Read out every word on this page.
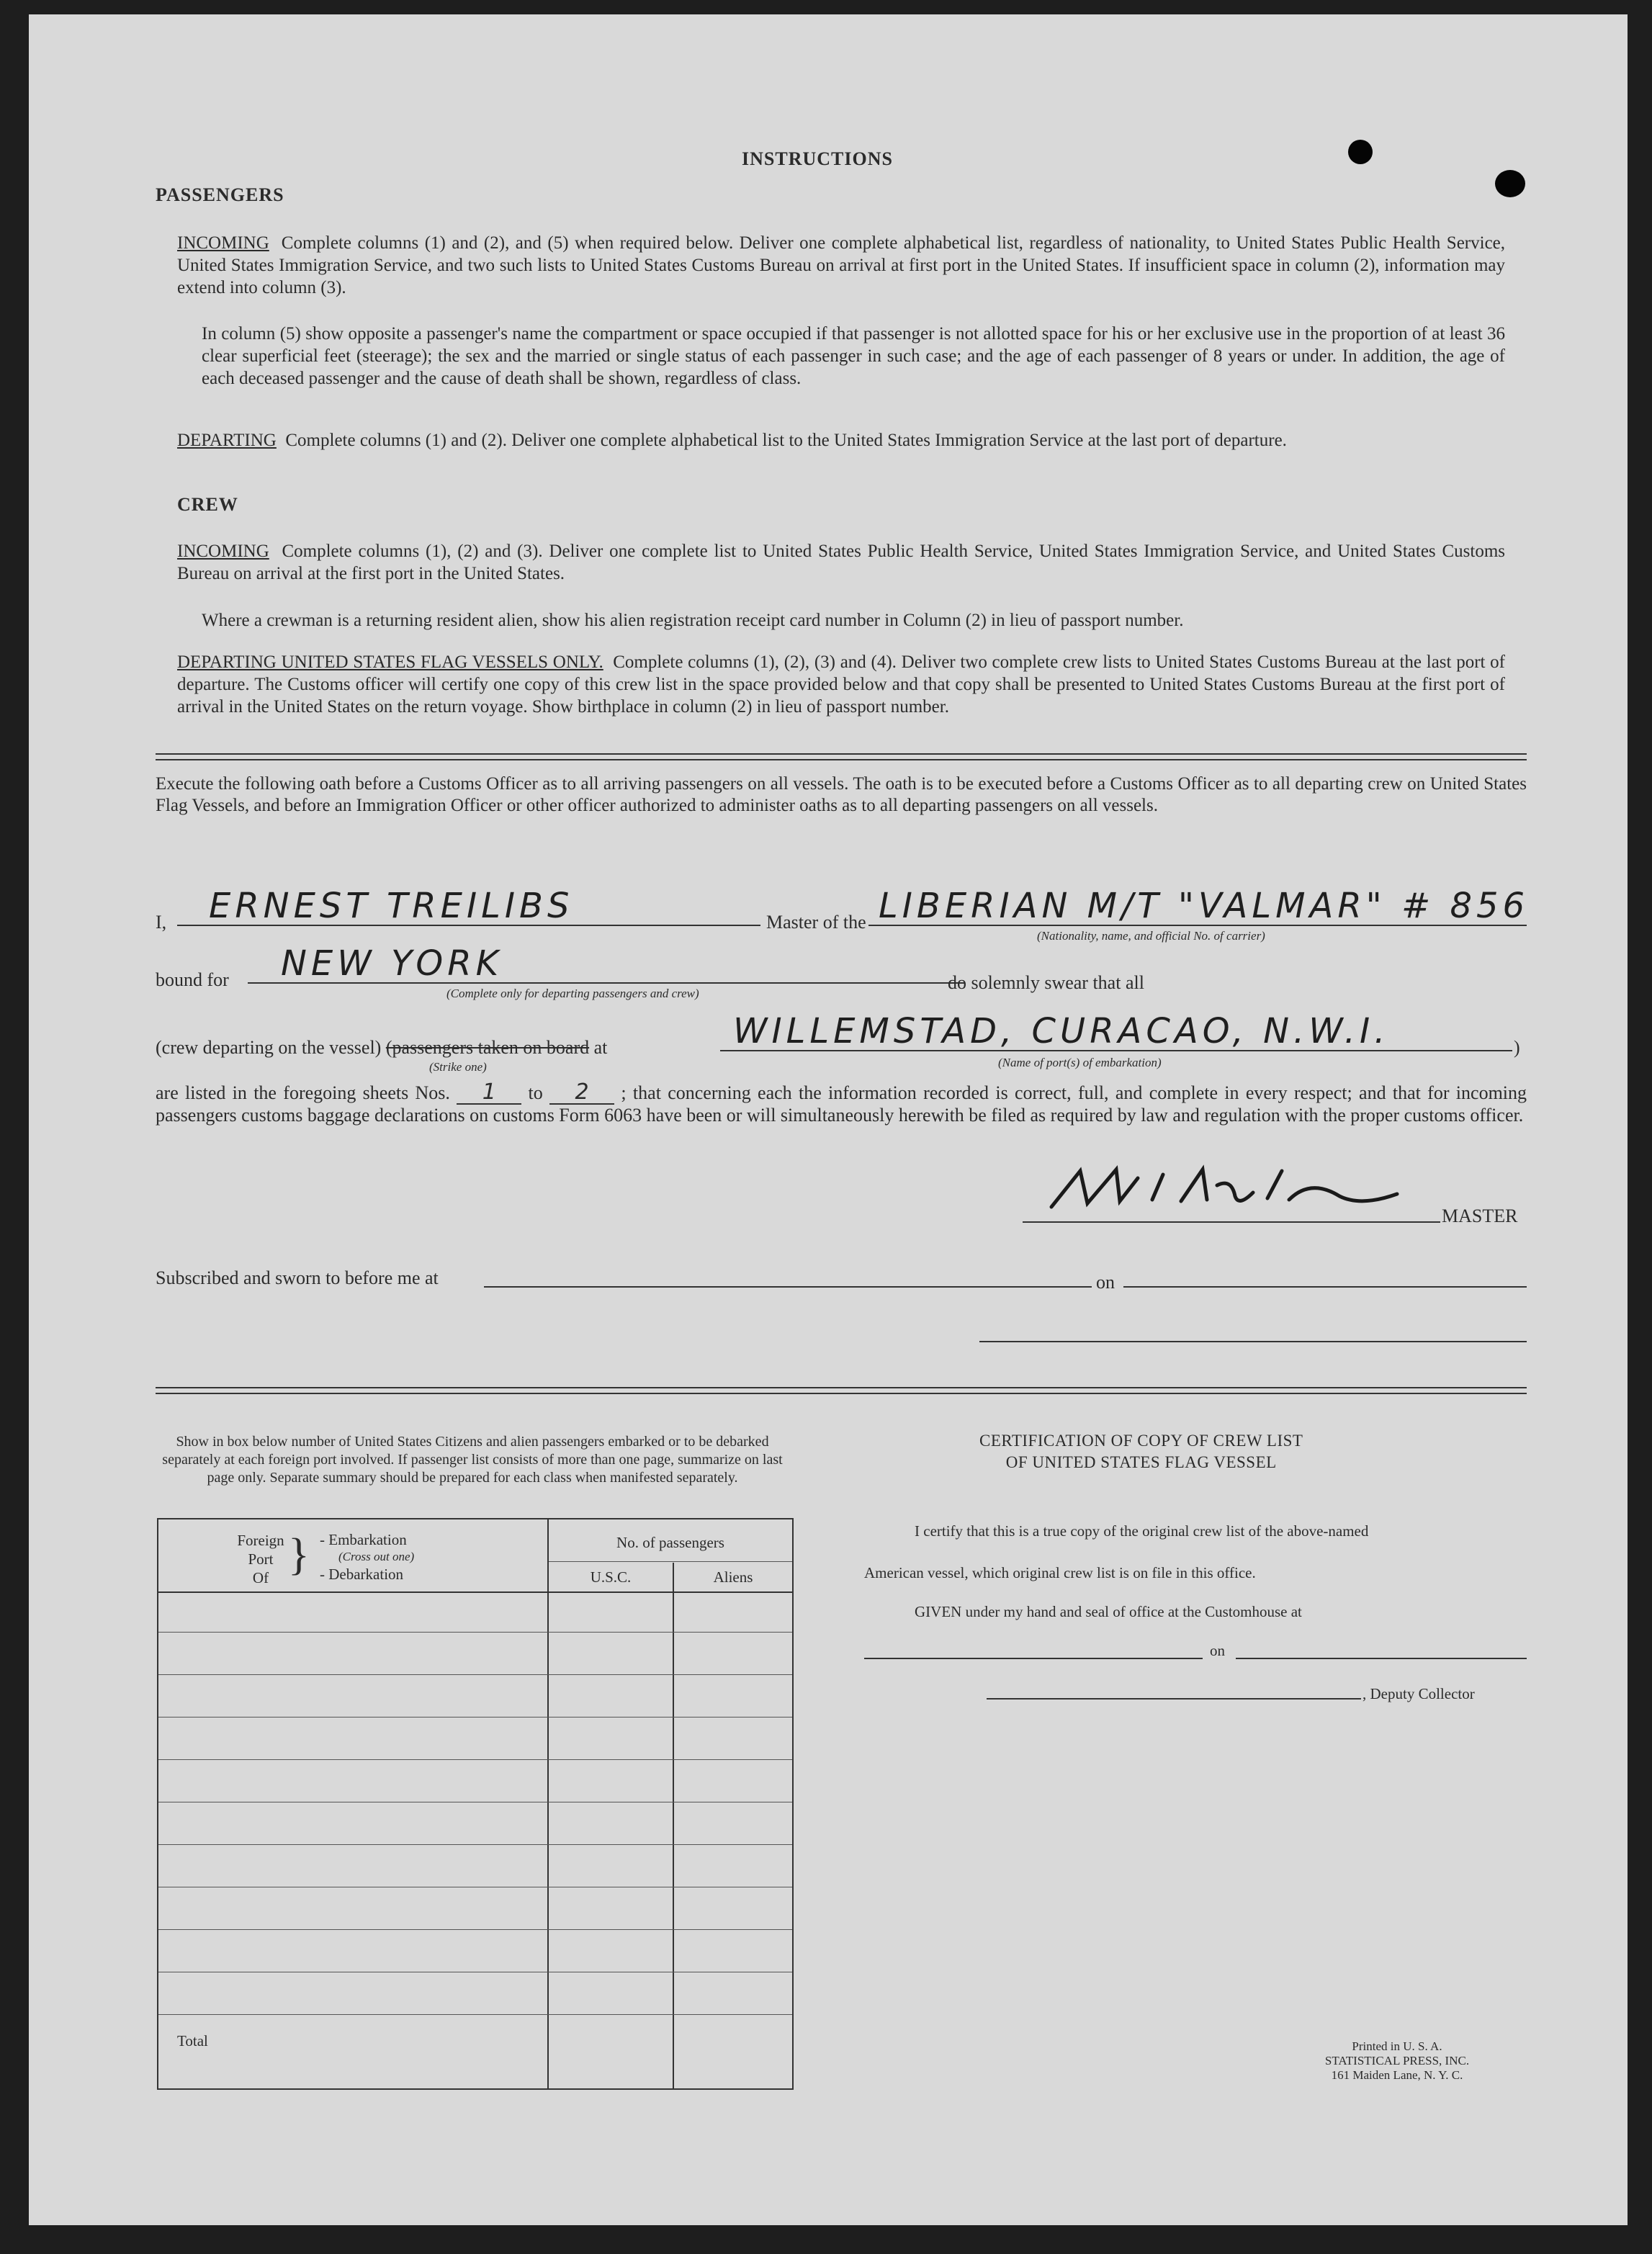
INSTRUCTIONS
PASSENGERS
INCOMING Complete columns (1) and (2), and (5) when required below. Deliver one complete alphabetical list, regardless of nationality, to United States Public Health Service, United States Immigration Service, and two such lists to United States Customs Bureau on arrival at first port in the United States. If insufficient space in column (2), information may extend into column (3).
In column (5) show opposite a passenger's name the compartment or space occupied if that passenger is not allotted space for his or her exclusive use in the proportion of at least 36 clear superficial feet (steerage); the sex and the married or single status of each passenger in such case; and the age of each passenger of 8 years or under. In addition, the age of each deceased passenger and the cause of death shall be shown, regardless of class.
DEPARTING Complete columns (1) and (2). Deliver one complete alphabetical list to the United States Immigration Service at the last port of departure.
CREW
INCOMING Complete columns (1), (2) and (3). Deliver one complete list to United States Public Health Service, United States Immigration Service, and United States Customs Bureau on arrival at the first port in the United States.
Where a crewman is a returning resident alien, show his alien registration receipt card number in Column (2) in lieu of passport number.
DEPARTING UNITED STATES FLAG VESSELS ONLY. Complete columns (1), (2), (3) and (4). Deliver two complete crew lists to United States Customs Bureau at the last port of departure. The Customs officer will certify one copy of this crew list in the space provided below and that copy shall be presented to United States Customs Bureau at the first port of arrival in the United States on the return voyage. Show birthplace in column (2) in lieu of passport number.
Execute the following oath before a Customs Officer as to all arriving passengers on all vessels. The oath is to be executed before a Customs Officer as to all departing crew on United States Flag Vessels, and before an Immigration Officer or other officer authorized to administer oaths as to all departing passengers on all vessels.
I, ERNEST TREILIBS	Master of the LIBERIAN M/T "VALMAR" # 856
(Nationality, name, and official No. of carrier)
bound for NEW YORK
(Complete only for departing passengers and crew)
do solemnly swear that all
(crew departing on the vessel) (passengers taken on board at
(Strike one)
WILLEMSTAD, CURACAO, N.W.I.
(Name of port(s) of embarkation)
)
are listed in the foregoing sheets Nos. 1 to 2 ; that concerning each the information recorded is correct, full, and complete in every respect; and that for incoming passengers customs baggage declarations on customs Form 6063 have been or will simultaneously herewith be filed as required by law and regulation with the proper customs officer.
MASTER
Subscribed and sworn to before me at	on
Show in box below number of United States Citizens and alien passengers embarked or to be debarked separately at each foreign port involved. If passenger list consists of more than one page, summarize on last page only. Separate summary should be prepared for each class when manifested separately.
Foreign
Port
Of } - Embarkation
(Cross out one)
- Debarkation
No. of passengers
U.S.C.	Aliens
Total
CERTIFICATION OF COPY OF CREW LIST
OF UNITED STATES FLAG VESSEL
I certify that this is a true copy of the original crew list of the above-named
American vessel, which original crew list is on file in this office.
GIVEN under my hand and seal of office at the Customhouse at
on
, Deputy Collector
Printed in U. S. A.
STATISTICAL PRESS, INC.
161 Maiden Lane, N. Y. C.
